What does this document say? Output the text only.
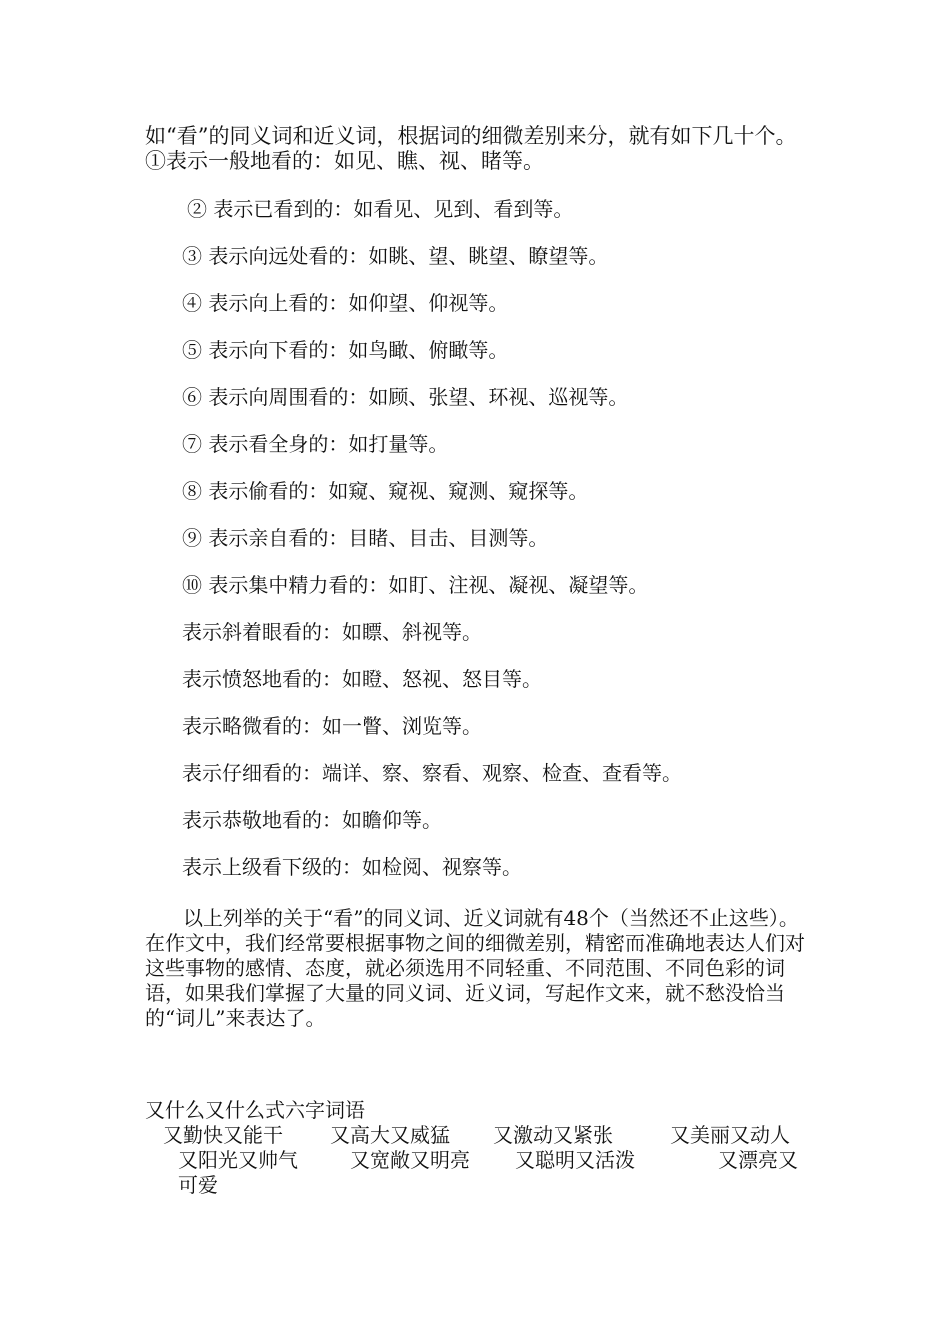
如“看”的同义词和近义词，根据词的细微差别来分，就有如下几十个。①表示一般地看的：如见、瞧、视、睹等。

② 表示已看到的：如看见、见到、看到等。

③ 表示向远处看的：如眺、望、眺望、瞭望等。

④ 表示向上看的：如仰望、仰视等。

⑤ 表示向下看的：如鸟瞰、俯瞰等。

⑥ 表示向周围看的：如顾、张望、环视、巡视等。

⑦ 表示看全身的：如打量等。

⑧ 表示偷看的：如窥、窥视、窥测、窥探等。

⑨ 表示亲自看的：目睹、目击、目测等。

⑩ 表示集中精力看的：如盯、注视、凝视、凝望等。

表示斜着眼看的：如瞟、斜视等。

表示愤怒地看的：如瞪、怒视、怒目等。

表示略微看的：如一瞥、浏览等。

表示仔细看的：端详、察、察看、观察、检查、查看等。

表示恭敬地看的：如瞻仰等。

表示上级看下级的：如检阅、视察等。

以上列举的关于“看”的同义词、近义词就有48个（当然还不止这些）。在作文中，我们经常要根据事物之间的细微差别，精密而准确地表达人们对这些事物的感情、态度，就必须选用不同轻重、不同范围、不同色彩的词语，如果我们掌握了大量的同义词、近义词，写起作文来，就不愁没恰当的“词儿”来表达了。

又什么又什么式六字词语

又勤快又能干 又高大又威猛 又激动又紧张	又美丽又动人
又阳光又帅气	又宽敞又明亮 又聪明又活泼	又漂亮又
可爱
